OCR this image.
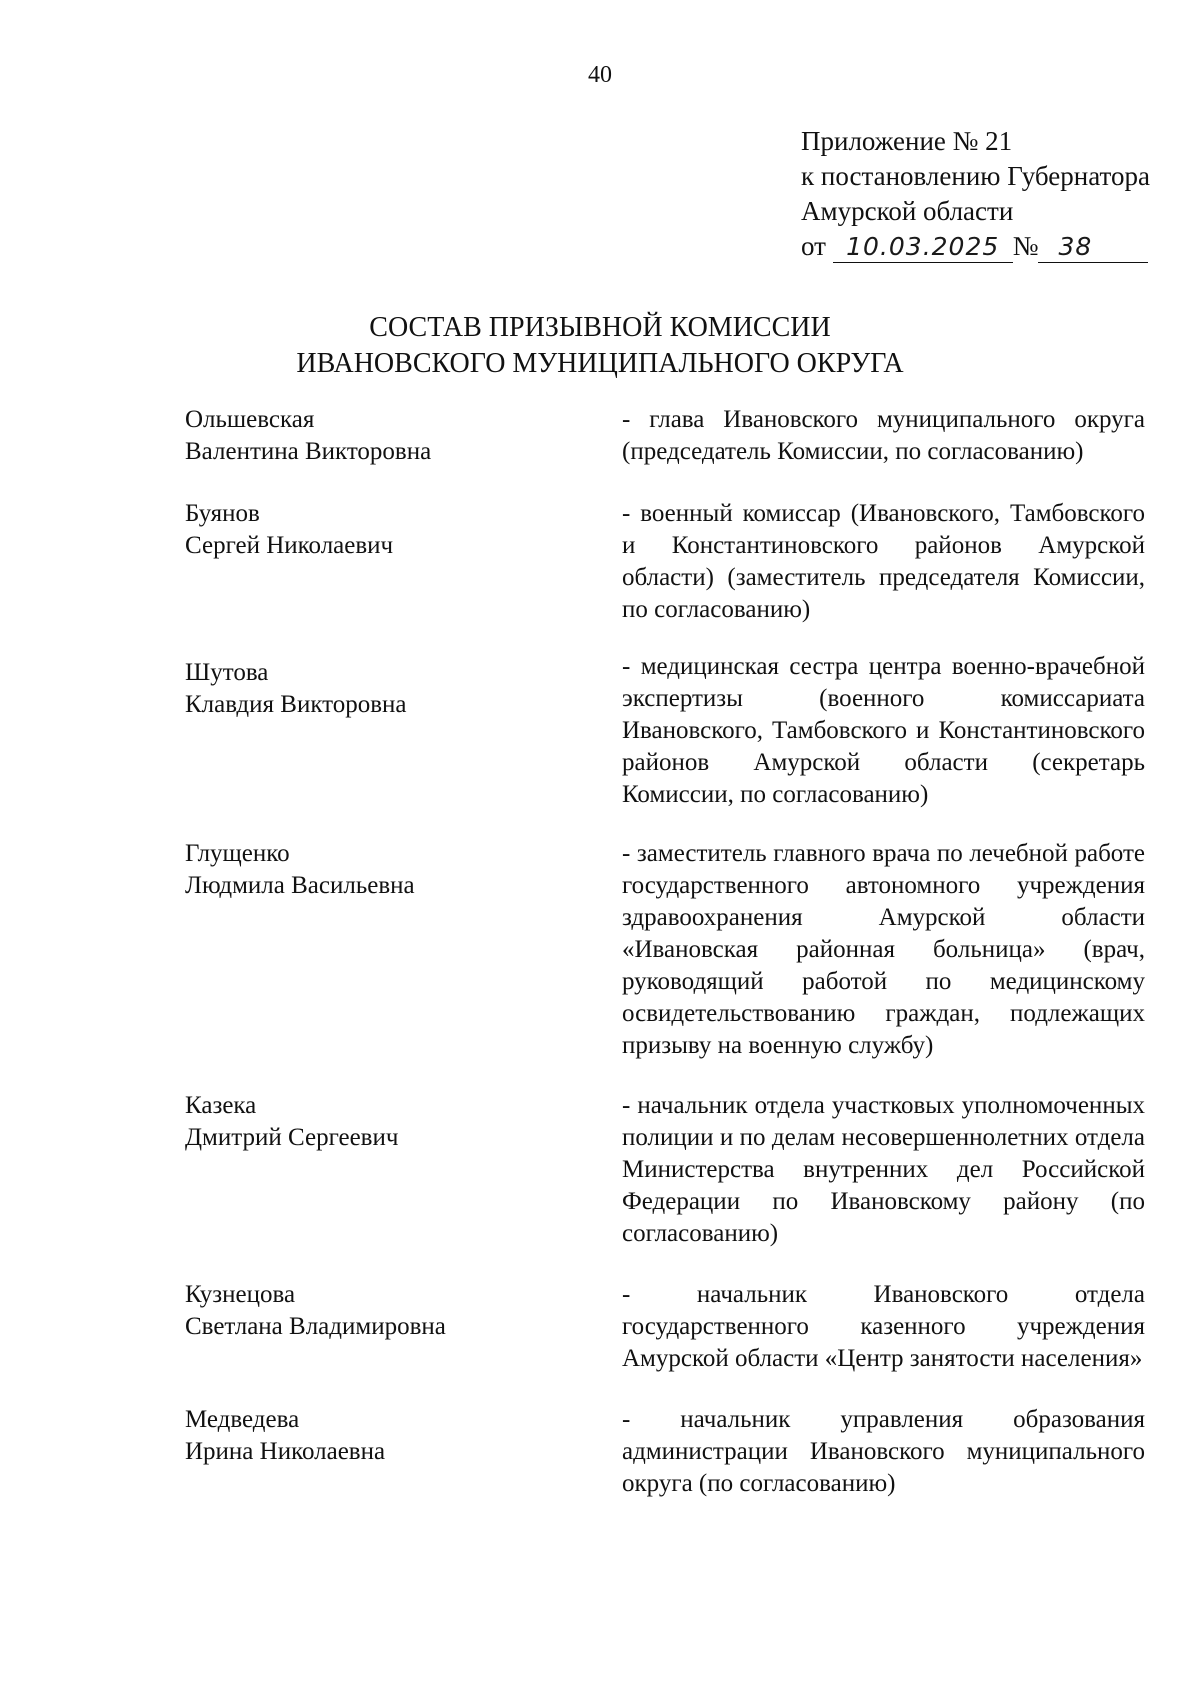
40
Приложение № 21
к постановлению Губернатора
Амурской области
от 10.03.2025 № 38
СОСТАВ ПРИЗЫВНОЙ КОМИССИИ
ИВАНОВСКОГО МУНИЦИПАЛЬНОГО ОКРУГА
Ольшевская
Валентина Викторовна
- глава Ивановского муниципального округа (председатель Комиссии, по согласованию)
Буянов
Сергей Николаевич
- военный комиссар (Ивановского, Тамбовского и Константиновского районов Амурской области) (заместитель председателя Комиссии, по согласованию)
Шутова
Клавдия Викторовна
- медицинская сестра центра военно-врачебной экспертизы (военного комиссариата Ивановского, Тамбовского и Константиновского районов Амурской области (секретарь Комиссии, по согласованию)
Глущенко
Людмила Васильевна
- заместитель главного врача по лечебной работе государственного автономного учреждения здравоохранения Амурской области «Ивановская районная больница» (врач, руководящий работой по медицинскому освидетельствованию граждан, подлежащих призыву на военную службу)
Казека
Дмитрий Сергеевич
- начальник отдела участковых уполномоченных полиции и по делам несовершеннолетних отдела Министерства внутренних дел Российской Федерации по Ивановскому району (по согласованию)
Кузнецова
Светлана Владимировна
- начальник Ивановского отдела государственного казенного учреждения Амурской области «Центр занятости населения»
Медведева
Ирина Николаевна
- начальник управления образования администрации Ивановского муниципального округа (по согласованию)
